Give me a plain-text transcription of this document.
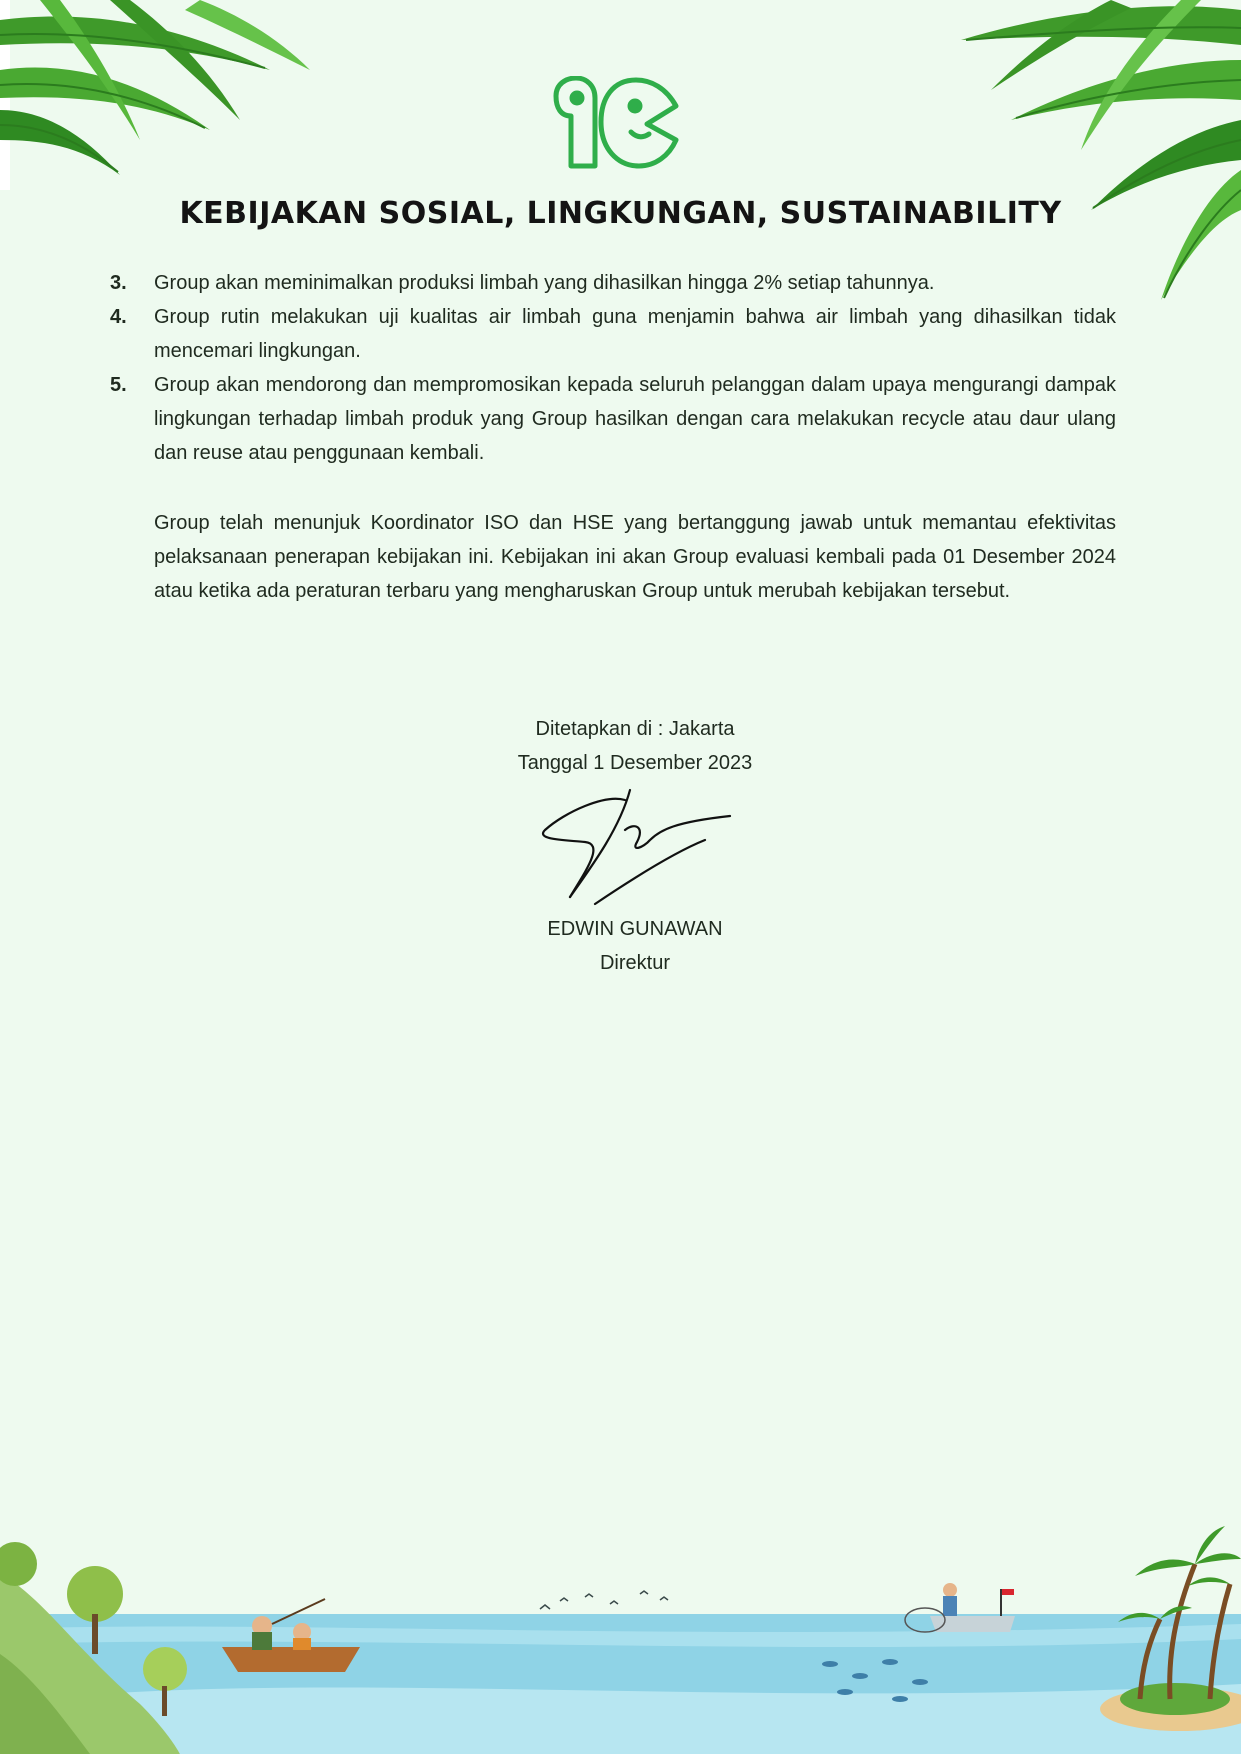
KEBIJAKAN SOSIAL, LINGKUNGAN, SUSTAINABILITY
3.	Group akan meminimalkan produksi limbah yang dihasilkan hingga 2% setiap tahunnya.
4.	Group rutin melakukan uji kualitas air limbah guna menjamin bahwa air limbah yang dihasilkan tidak mencemari lingkungan.
5.	Group akan mendorong dan mempromosikan kepada seluruh pelanggan dalam upaya mengurangi dampak lingkungan terhadap limbah produk yang Group hasilkan dengan cara melakukan recycle atau daur ulang dan reuse atau penggunaan kembali.

Group telah menunjuk Koordinator ISO dan HSE yang bertanggung jawab untuk memantau efektivitas pelaksanaan penerapan kebijakan ini. Kebijakan ini akan Group evaluasi kembali pada 01 Desember 2024 atau ketika ada peraturan terbaru yang mengharuskan Group untuk merubah kebijakan tersebut.

Ditetapkan di : Jakarta
Tanggal 1 Desember 2023
EDWIN GUNAWAN
Direktur
